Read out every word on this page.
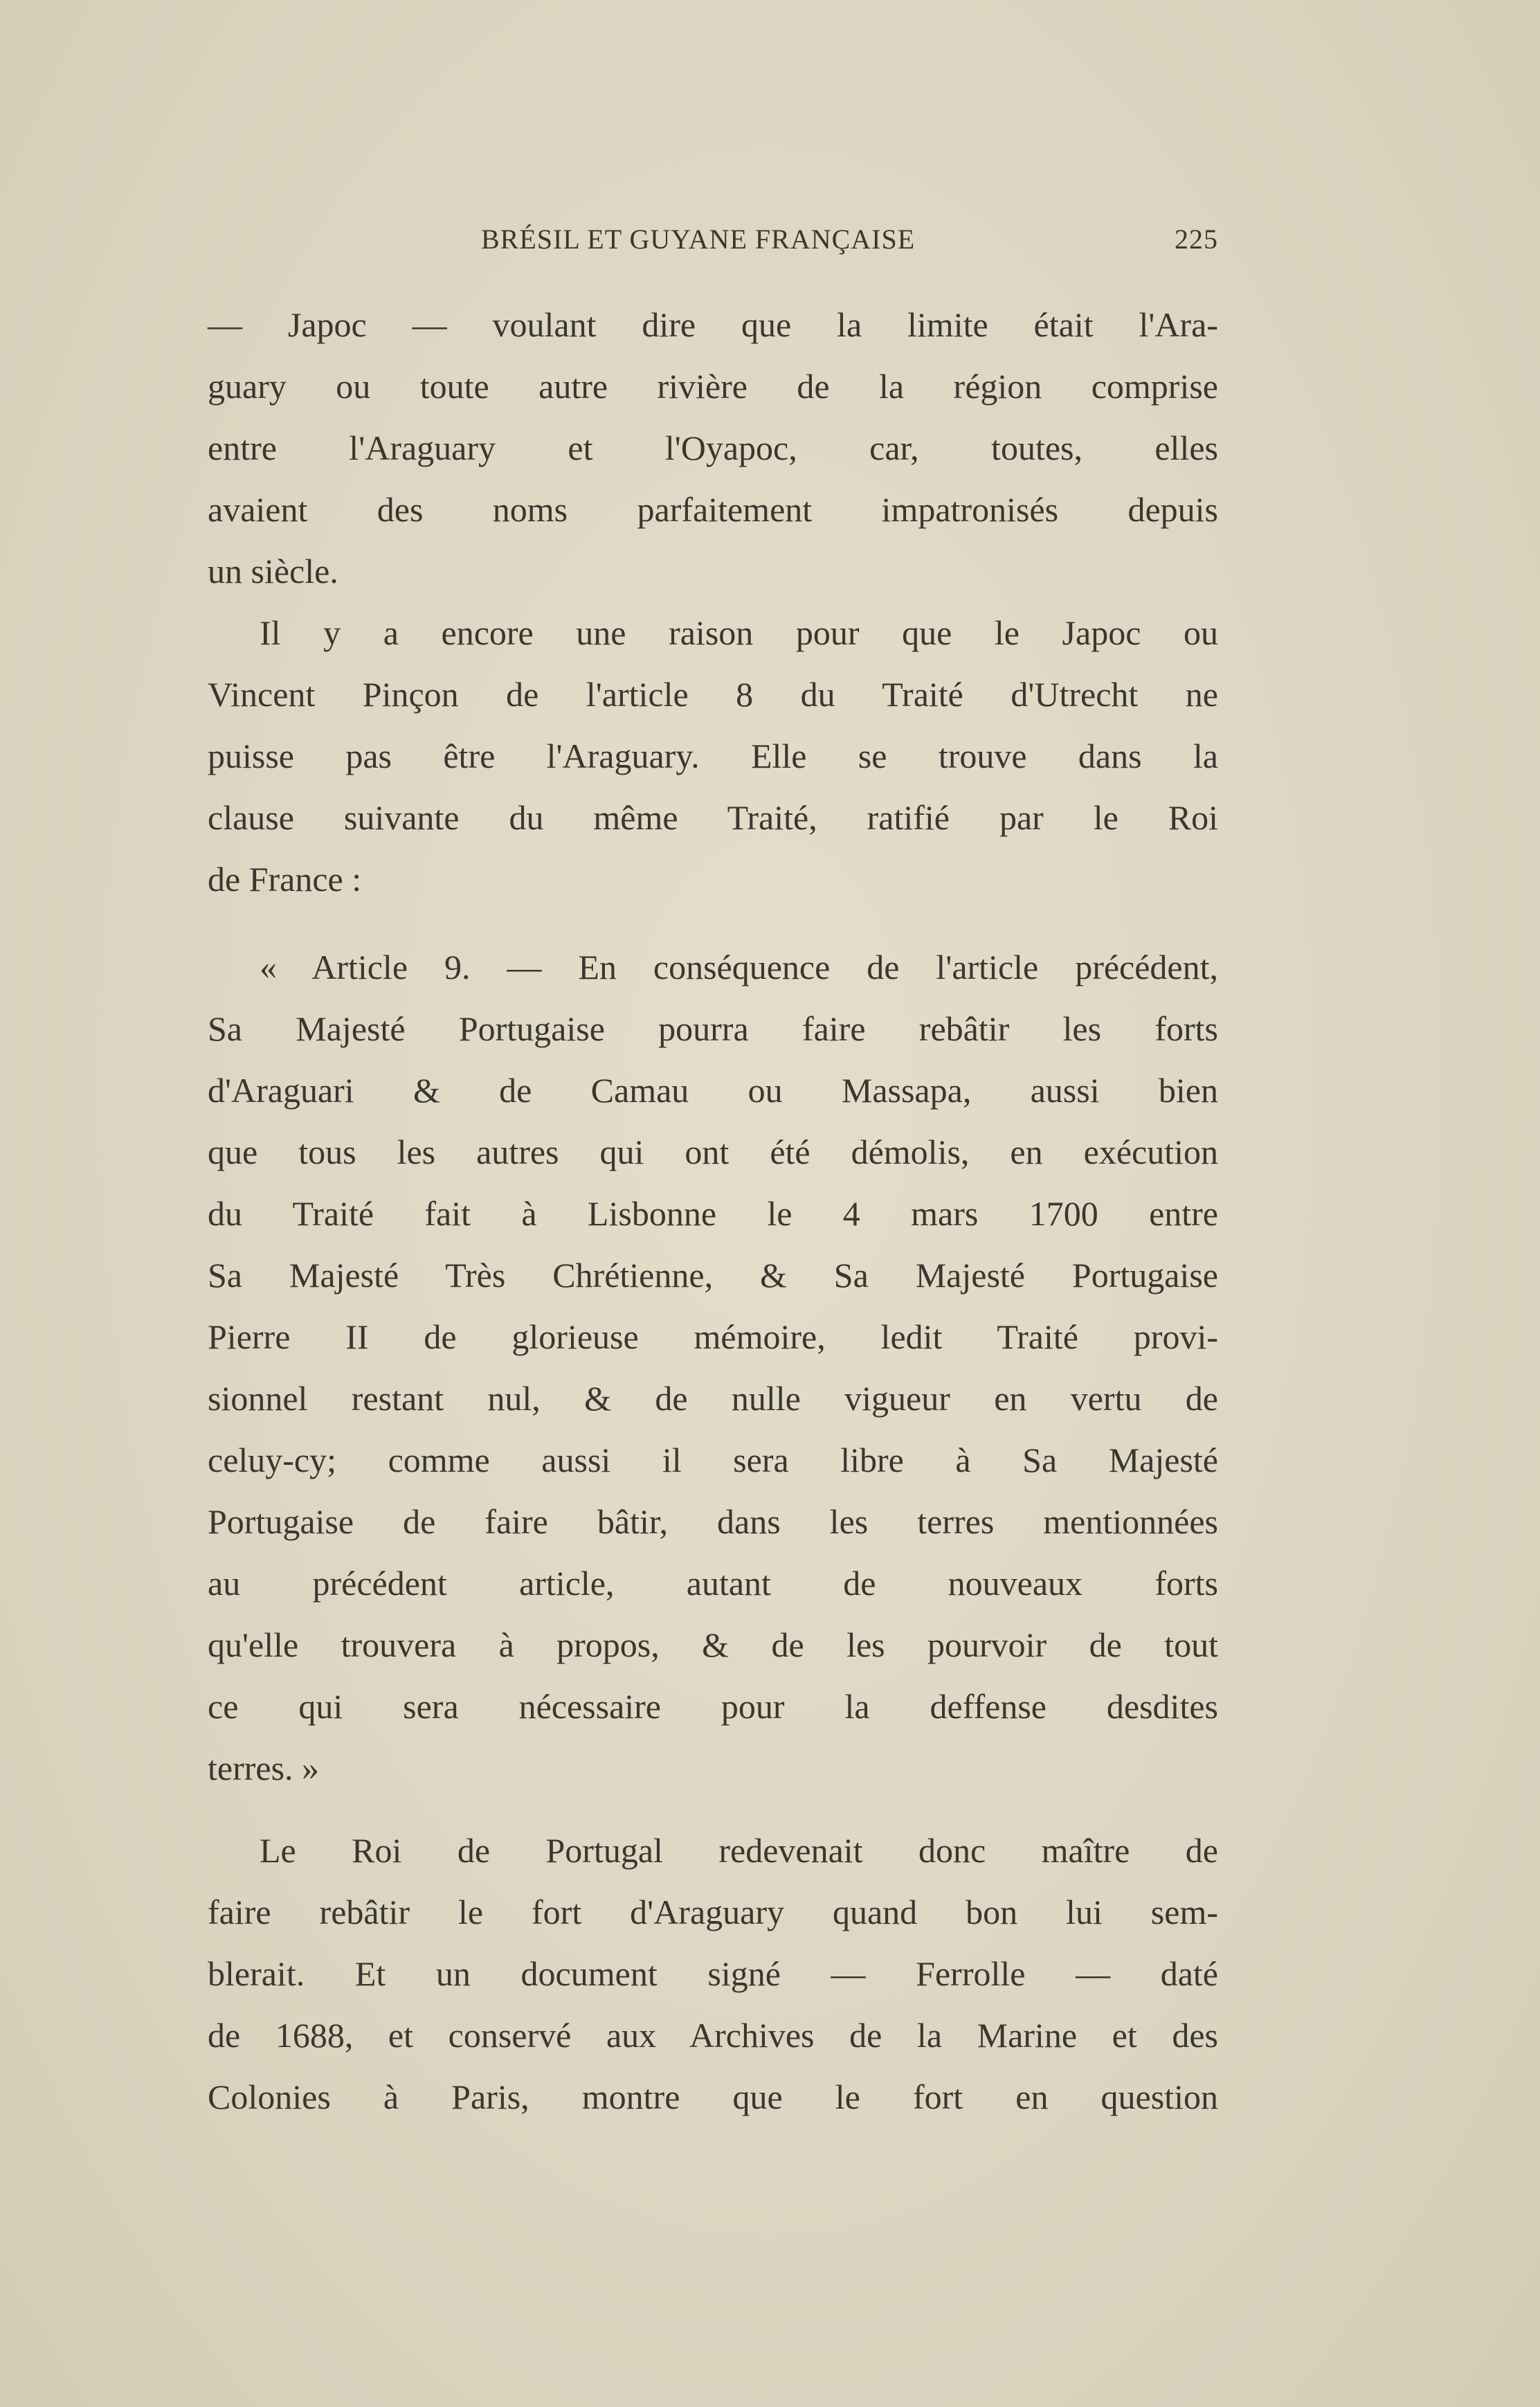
BRÉSIL ET GUYANE FRANÇAISE	225
— Japoc — voulant dire que la limite était l'Ara-
guary ou toute autre rivière de la région comprise
entre l'Araguary et l'Oyapoc, car, toutes, elles
avaient des noms parfaitement impatronisés depuis
un siècle.
Il y a encore une raison pour que le Japoc ou
Vincent Pinçon de l'article 8 du Traité d'Utrecht ne
puisse pas être l'Araguary. Elle se trouve dans la
clause suivante du même Traité, ratifié par le Roi
de France :
« Article 9. — En conséquence de l'article précédent,
Sa Majesté Portugaise pourra faire rebâtir les forts
d'Araguari & de Camau ou Massapa, aussi bien
que tous les autres qui ont été démolis, en exécution
du Traité fait à Lisbonne le 4 mars 1700 entre
Sa Majesté Très Chrétienne, & Sa Majesté Portugaise
Pierre II de glorieuse mémoire, ledit Traité provi-
sionnel restant nul, & de nulle vigueur en vertu de
celuy-cy; comme aussi il sera libre à Sa Majesté
Portugaise de faire bâtir, dans les terres mentionnées
au précédent article, autant de nouveaux forts
qu'elle trouvera à propos, & de les pourvoir de tout
ce qui sera nécessaire pour la deffense desdites
terres. »
Le Roi de Portugal redevenait donc maître de
faire rebâtir le fort d'Araguary quand bon lui sem-
blerait. Et un document signé — Ferrolle — daté
de 1688, et conservé aux Archives de la Marine et des
Colonies à Paris, montre que le fort en question
